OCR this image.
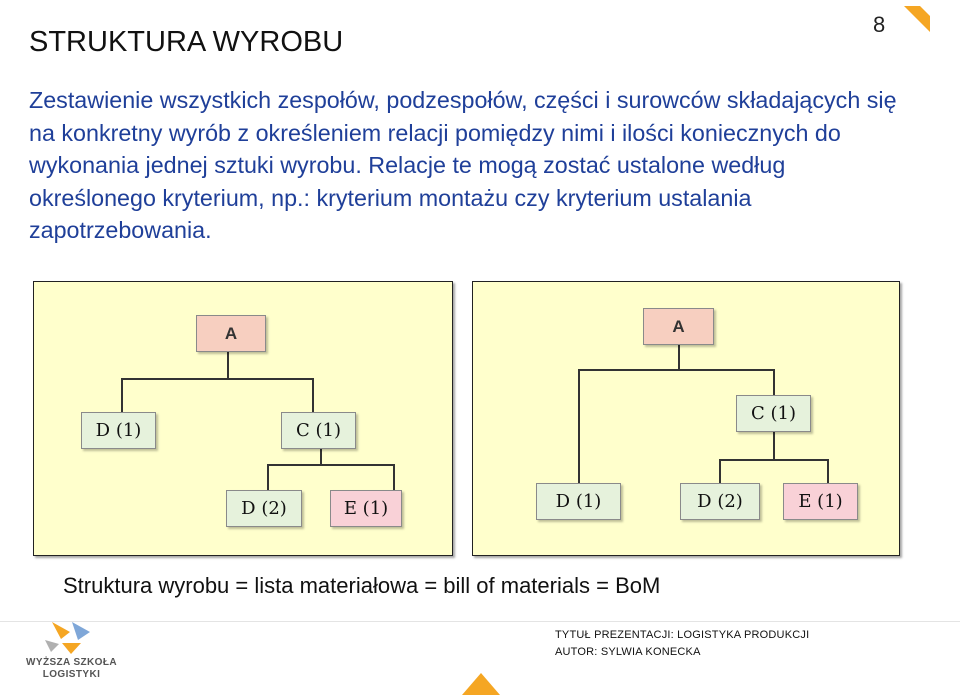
8
STRUKTURA WYROBU

Zestawienie wszystkich zespołów, podzespołów, części i surowców składających się na konkretny wyrób z określeniem relacji pomiędzy nimi i ilości koniecznych do wykonania jednej sztuki wyrobu. Relacje te mogą zostać ustalone według określonego kryterium, np.: kryterium montażu czy kryterium ustalania zapotrzebowania.

A
D (1)	C (1)
D (2)	E (1)
A
C (1)
D (1)	D (2)	E (1)
Struktura wyrobu = lista materiałowa = bill of materials = BoM
WYŻSZA SZKOŁA LOGISTYKI
TYTUŁ PREZENTACJI: LOGISTYKA PRODUKCJI
AUTOR: SYLWIA KONECKA
